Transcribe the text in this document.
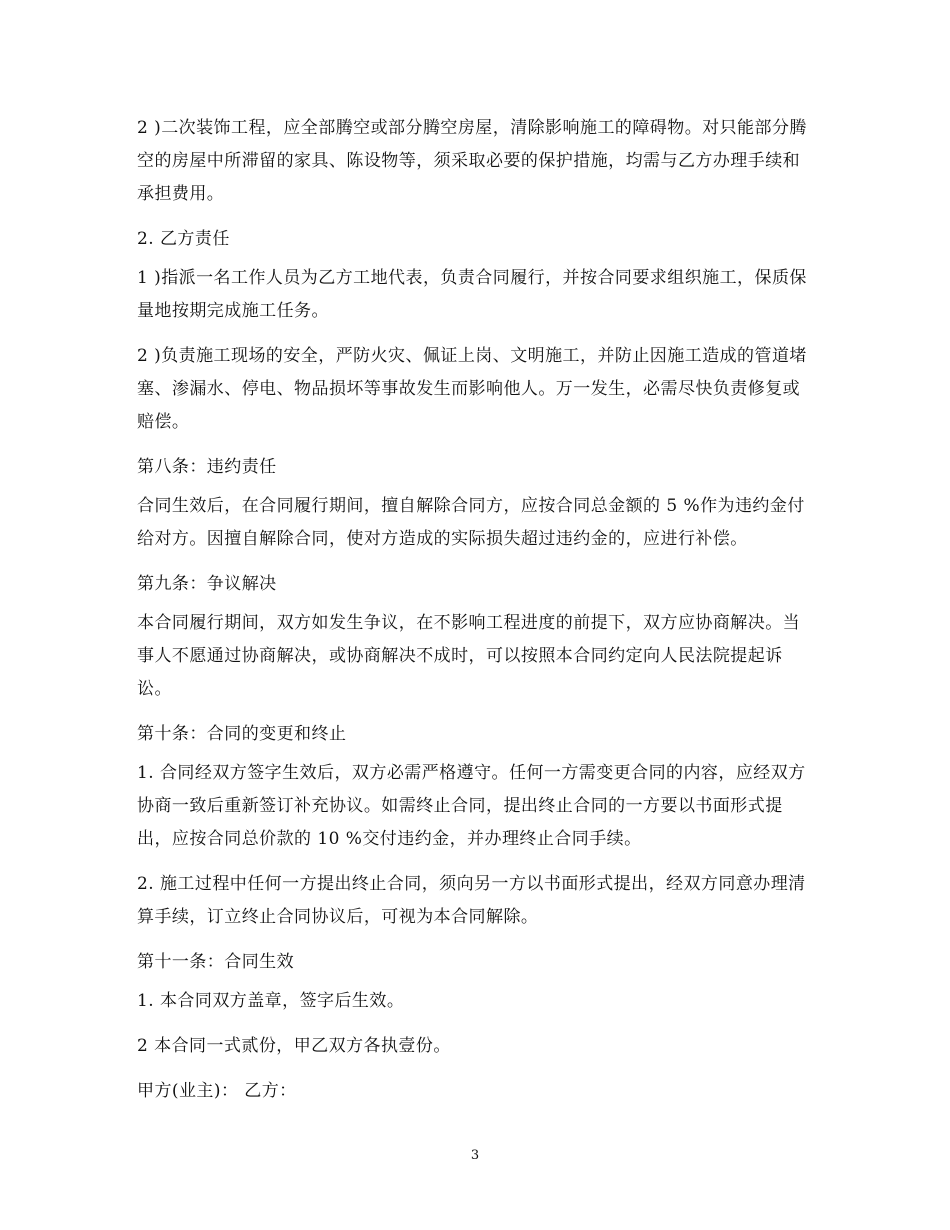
2 )二次装饰工程，应全部腾空或部分腾空房屋，清除影响施工的障碍物。对只能部分腾空的房屋中所滞留的家具、陈设物等，须采取必要的保护措施，均需与乙方办理手续和承担费用。

2. 乙方责任

1 )指派一名工作人员为乙方工地代表，负责合同履行，并按合同要求组织施工，保质保量地按期完成施工任务。

2 )负责施工现场的安全，严防火灾、佩证上岗、文明施工，并防止因施工造成的管道堵塞、渗漏水、停电、物品损坏等事故发生而影响他人。万一发生，必需尽快负责修复或赔偿。

第八条：违约责任

合同生效后，在合同履行期间，擅自解除合同方，应按合同总金额的 5 %作为违约金付给对方。因擅自解除合同，使对方造成的实际损失超过违约金的，应进行补偿。

第九条：争议解决

本合同履行期间，双方如发生争议，在不影响工程进度的前提下，双方应协商解决。当事人不愿通过协商解决，或协商解决不成时，可以按照本合同约定向人民法院提起诉讼。

第十条：合同的变更和终止

1. 合同经双方签字生效后，双方必需严格遵守。任何一方需变更合同的内容，应经双方协商一致后重新签订补充协议。如需终止合同，提出终止合同的一方要以书面形式提出，应按合同总价款的 10 %交付违约金，并办理终止合同手续。

2. 施工过程中任何一方提出终止合同，须向另一方以书面形式提出，经双方同意办理清算手续，订立终止合同协议后，可视为本合同解除。

第十一条：合同生效

1. 本合同双方盖章，签字后生效。

2 本合同一式贰份，甲乙双方各执壹份。

甲方(业主)： 乙方：

3
